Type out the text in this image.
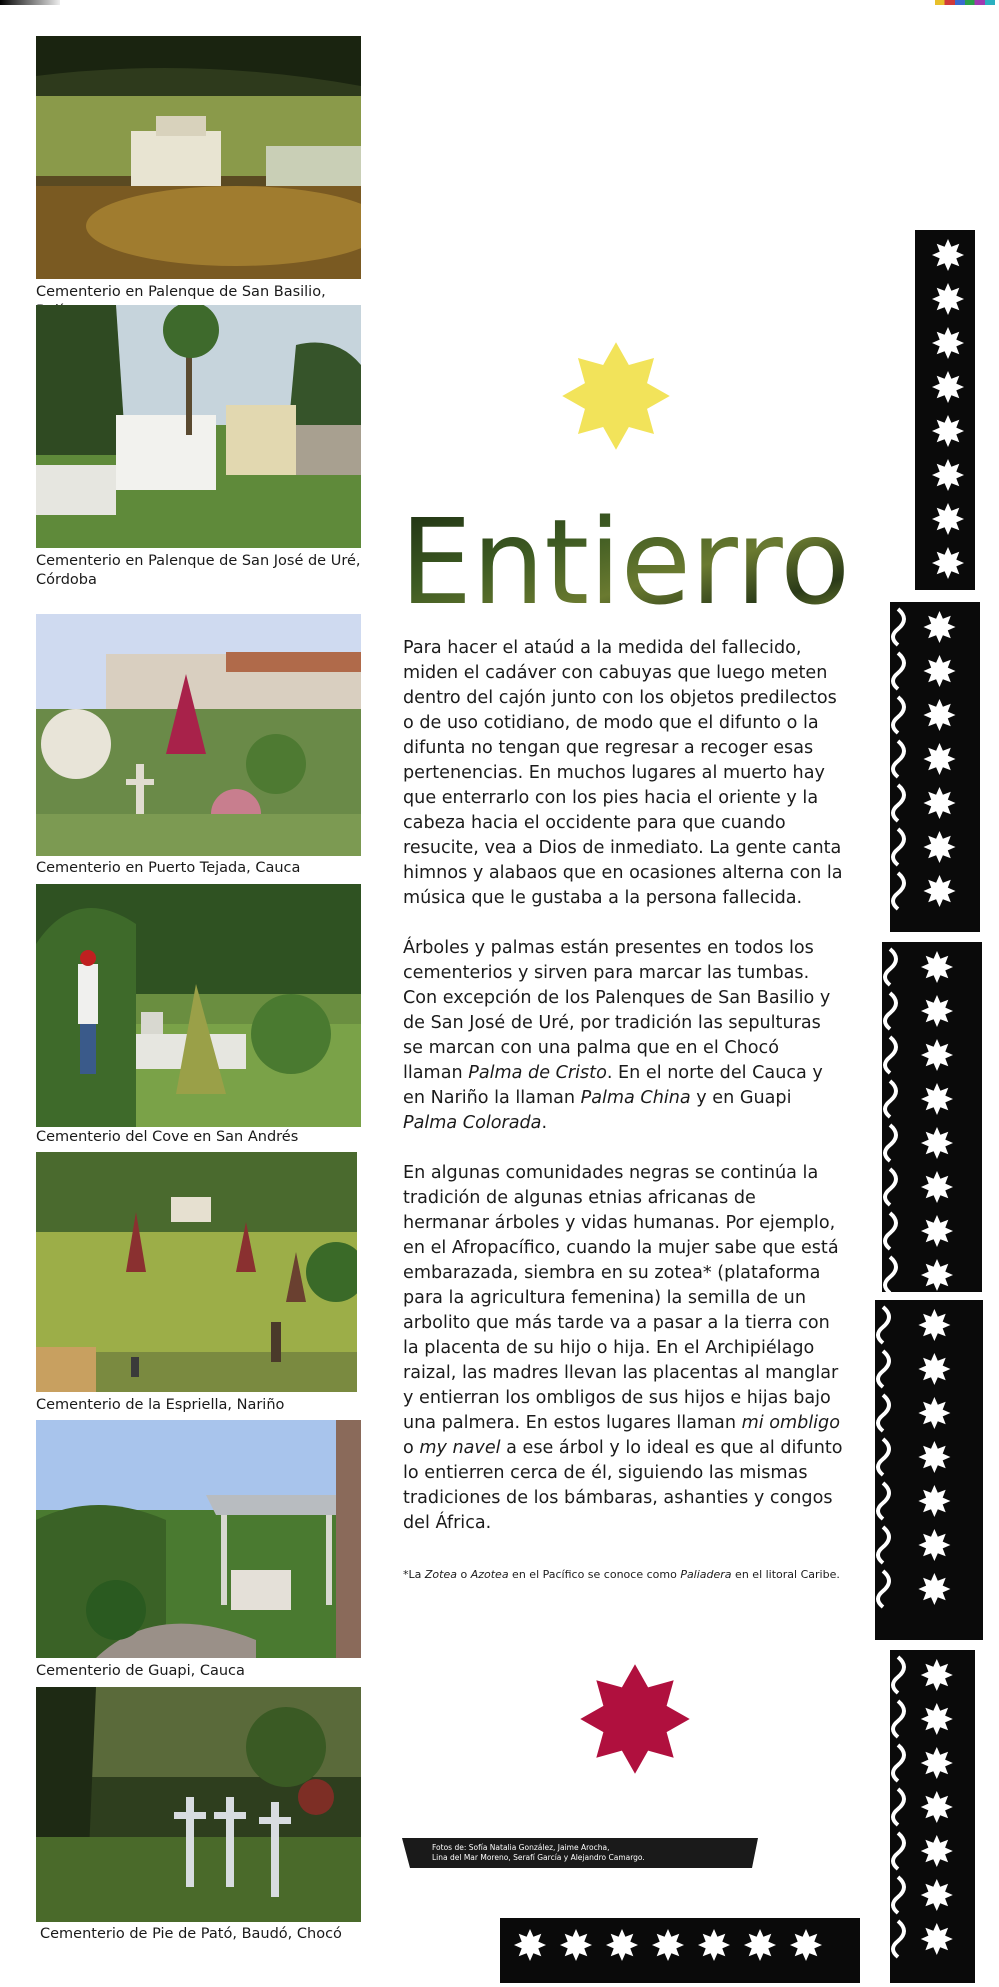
Cementerio en Palenque de San Basilio,
Cementerio en Palenque de San José de Uré,
Córdoba
Cementerio en Puerto Tejada, Cauca
Cementerio del Cove en San Andrés
Cementerio de la Espriella, Nariño
Cementerio de Guapi, Cauca
Cementerio de Pie de Pató, Baudó, Chocó
Entierro

Para hacer el ataúd a la medida del fallecido, miden el cadáver con cabuyas que luego meten dentro del cajón junto con los objetos predilectos o de uso cotidiano, de modo que el difunto o la difunta no tengan que regresar a recoger esas pertenencias. En muchos lugares al muerto hay que enterrarlo con los pies hacia el oriente y la cabeza hacia el occidente para que cuando resucite, vea a Dios de inmediato. La gente canta himnos y alabaos que en ocasiones alterna con la música que le gustaba a la persona fallecida.

Árboles y palmas están presentes en todos los cementerios y sirven para marcar las tumbas. Con excepción de los Palenques de San Basilio y de San José de Uré, por tradición las sepulturas se marcan con una palma que en el Chocó llaman Palma de Cristo. En el norte del Cauca y en Nariño la llaman Palma China y en Guapi Palma Colorada.

En algunas comunidades negras se continúa la tradición de algunas etnias africanas de hermanar árboles y vidas humanas. Por ejemplo, en el Afropacífico, cuando la mujer sabe que está embarazada, siembra en su zotea* (plataforma para la agricultura femenina) la semilla de un arbolito que más tarde va a pasar a la tierra con la placenta de su hijo o hija. En el Archipiélago raizal, las madres llevan las placentas al manglar y entierran los ombligos de sus hijos e hijas bajo una palmera. En estos lugares llaman mi ombligo o my navel a ese árbol y lo ideal es que al difunto lo entierren cerca de él, siguiendo las mismas tradiciones de los bámbaras, ashanties y congos del África.

*La Zotea o Azotea en el Pacífico se conoce como Paliadera en el litoral Caribe.
Fotos de: Sofía Natalia González, Jaime Arocha,
Lina del Mar Moreno, Serafí García y Alejandro Camargo.
